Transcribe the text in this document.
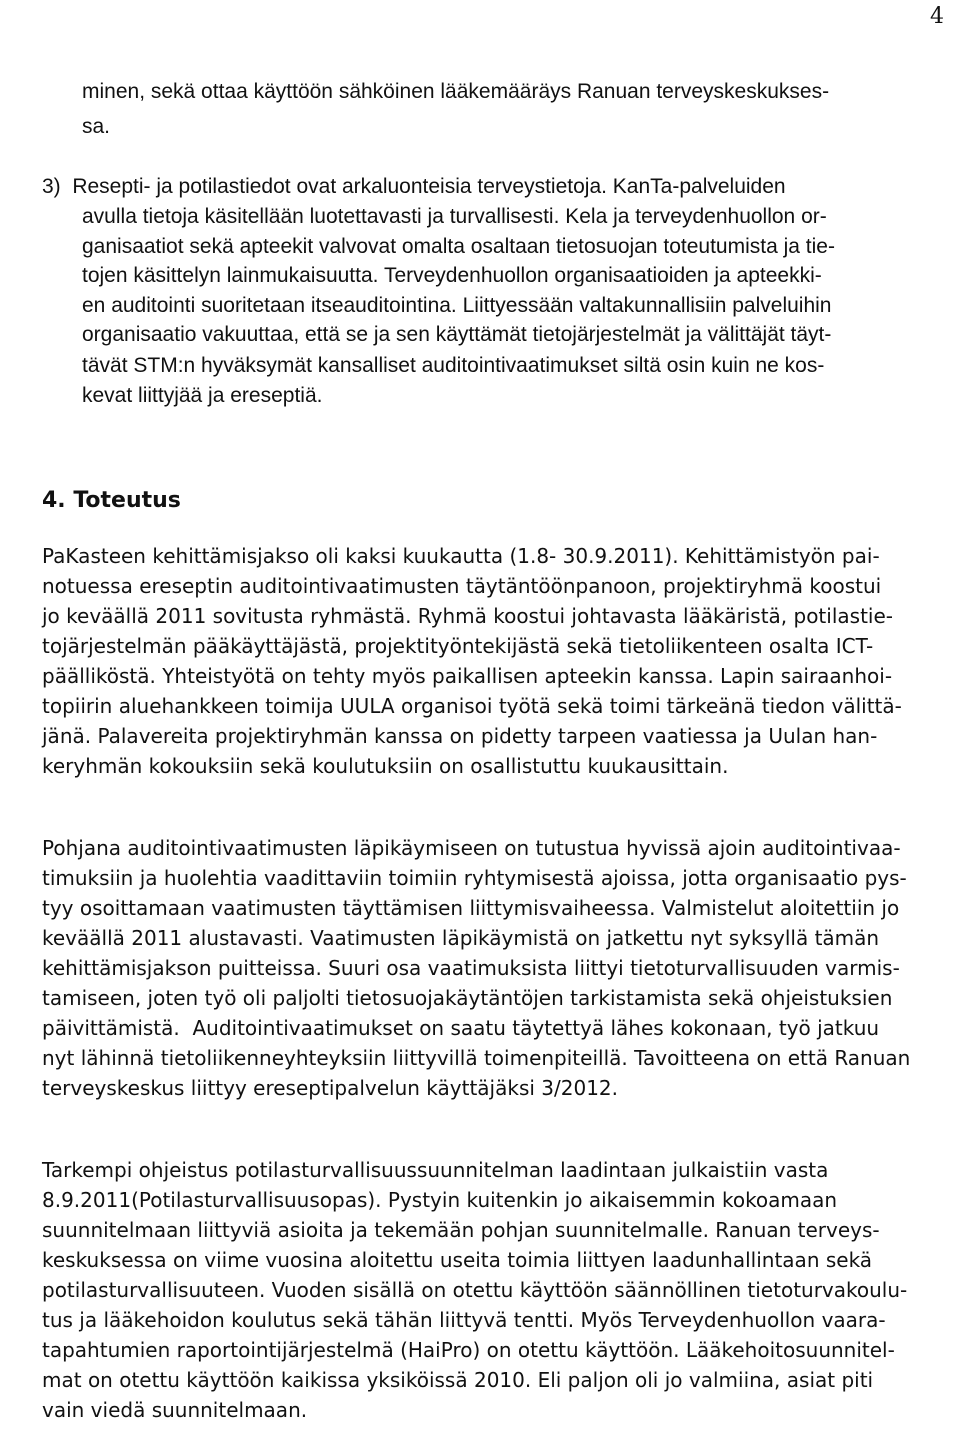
4
minen, sekä ottaa käyttöön sähköinen lääkemääräys Ranuan terveyskeskukses-
sa.
3)  Resepti- ja potilastiedot ovat arkaluonteisia terveystietoja. KanTa-palveluiden
avulla tietoja käsitellään luotettavasti ja turvallisesti. Kela ja terveydenhuollon or-
ganisaatiot sekä apteekit valvovat omalta osaltaan tietosuojan toteutumista ja tie-
tojen käsittelyn lainmukaisuutta. Terveydenhuollon organisaatioiden ja apteekki-
en auditointi suoritetaan itseauditointina. Liittyessään valtakunnallisiin palveluihin
organisaatio vakuuttaa, että se ja sen käyttämät tietojärjestelmät ja välittäjät täyt-
tävät STM:n hyväksymät kansalliset auditointivaatimukset siltä osin kuin ne kos-
kevat liittyjää ja ereseptiä.
4. Toteutus
PaKasteen kehittämisjakso oli kaksi kuukautta (1.8- 30.9.2011). Kehittämistyön pai-
notuessa ereseptin auditointivaatimusten täytäntöönpanoon, projektiryhmä koostui
jo keväällä 2011 sovitusta ryhmästä. Ryhmä koostui johtavasta lääkäristä, potilastie-
tojärjestelmän pääkäyttäjästä, projektityöntekijästä sekä tietoliikenteen osalta ICT-
päälliköstä. Yhteistyötä on tehty myös paikallisen apteekin kanssa. Lapin sairaanhoi-
topiirin aluehankkeen toimija UULA organisoi työtä sekä toimi tärkeänä tiedon välittä-
jänä. Palavereita projektiryhmän kanssa on pidetty tarpeen vaatiessa ja Uulan han-
keryhmän kokouksiin sekä koulutuksiin on osallistuttu kuukausittain.
Pohjana auditointivaatimusten läpikäymiseen on tutustua hyvissä ajoin auditointivaa-
timuksiin ja huolehtia vaadittaviin toimiin ryhtymisestä ajoissa, jotta organisaatio pys-
tyy osoittamaan vaatimusten täyttämisen liittymisvaiheessa. Valmistelut aloitettiin jo
keväällä 2011 alustavasti. Vaatimusten läpikäymistä on jatkettu nyt syksyllä tämän
kehittämisjakson puitteissa. Suuri osa vaatimuksista liittyi tietoturvallisuuden varmis-
tamiseen, joten työ oli paljolti tietosuojakäytäntöjen tarkistamista sekä ohjeistuksien
päivittämistä.  Auditointivaatimukset on saatu täytettyä lähes kokonaan, työ jatkuu
nyt lähinnä tietoliikenneyhteyksiin liittyvillä toimenpiteillä. Tavoitteena on että Ranuan
terveyskeskus liittyy ereseptipalvelun käyttäjäksi 3/2012.
Tarkempi ohjeistus potilasturvallisuussuunnitelman laadintaan julkaistiin vasta
8.9.2011(Potilasturvallisuusopas). Pystyin kuitenkin jo aikaisemmin kokoamaan
suunnitelmaan liittyviä asioita ja tekemään pohjan suunnitelmalle. Ranuan terveys-
keskuksessa on viime vuosina aloitettu useita toimia liittyen laadunhallintaan sekä
potilasturvallisuuteen. Vuoden sisällä on otettu käyttöön säännöllinen tietoturvakoulu-
tus ja lääkehoidon koulutus sekä tähän liittyvä tentti. Myös Terveydenhuollon vaara-
tapahtumien raportointijärjestelmä (HaiPro) on otettu käyttöön. Lääkehoitosuunnitel-
mat on otettu käyttöön kaikissa yksiköissä 2010. Eli paljon oli jo valmiina, asiat piti
vain viedä suunnitelmaan.
